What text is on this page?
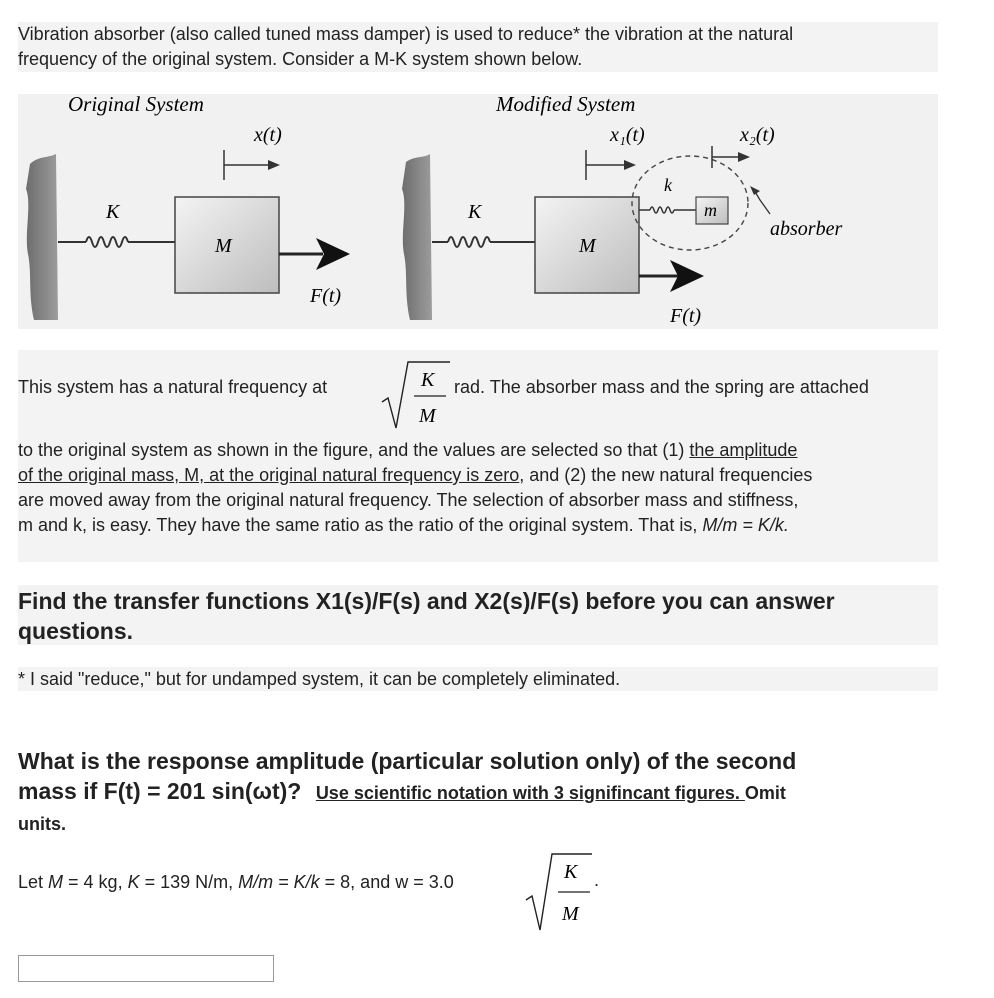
Vibration absorber (also called tuned mass damper) is used to reduce* the vibration at the natural
frequency of the original system. Consider a M-K system shown below.
Original System	Modified System
K
M
F(t)
x(t)
K
M
F(t)
x₁(t)
k
m
x₂(t)
absorber
This system has a natural frequency at	K
M
rad. The absorber mass and the spring are attached
to the original system as shown in the figure, and the values are selected so that (1) the amplitude
of the original mass, M, at the original natural frequency is zero, and (2) the new natural frequencies
are moved away from the original natural frequency. The selection of absorber mass and stiffness,
m and k, is easy. They have the same ratio as the ratio of the original system. That is, M/m = K/k.
Find the transfer functions X1(s)/F(s) and X2(s)/F(s) before you can answer
questions.
* I said "reduce," but for undamped system, it can be completely eliminated.
What is the response amplitude (particular solution only) of the second
mass if F(t) = 201 sin(ωt)? Use scientific notation with 3 signifincant figures. Omit
units.
Let M = 4 kg, K = 139 N/m, M/m = K/k = 8, and w = 3.0	K
M
.
